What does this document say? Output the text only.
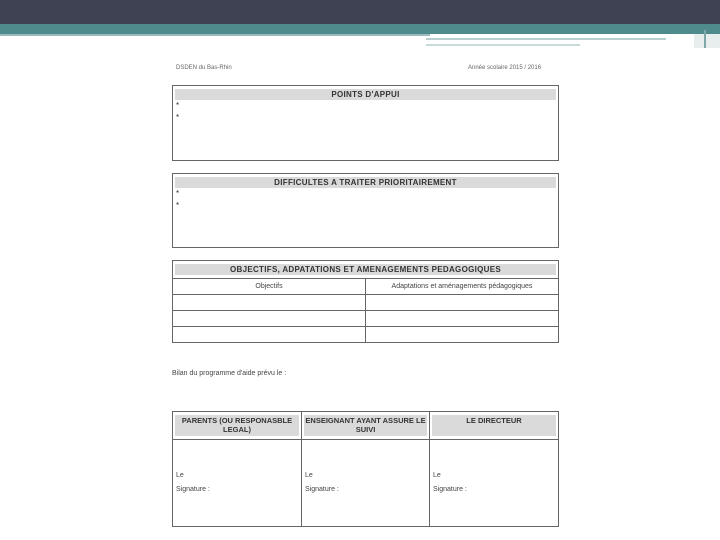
DSDEN du Bas-Rhin	Année scolaire 2015 / 2016
POINTS D'APPUI
*
*
DIFFICULTES A TRAITER PRIORITAIREMENT
*
*
OBJECTIFS, ADPATATIONS ET AMENAGEMENTS PEDAGOGIQUES
Objectifs	Adaptations et aménagements pédagogiques
Bilan du programme d'aide prévu le :
PARENTS (OU RESPONASBLE LEGAL)
Le
Signature :
ENSEIGNANT AYANT ASSURE LE SUIVI
Le
Signature :
LE DIRECTEUR
Le
Signature :
